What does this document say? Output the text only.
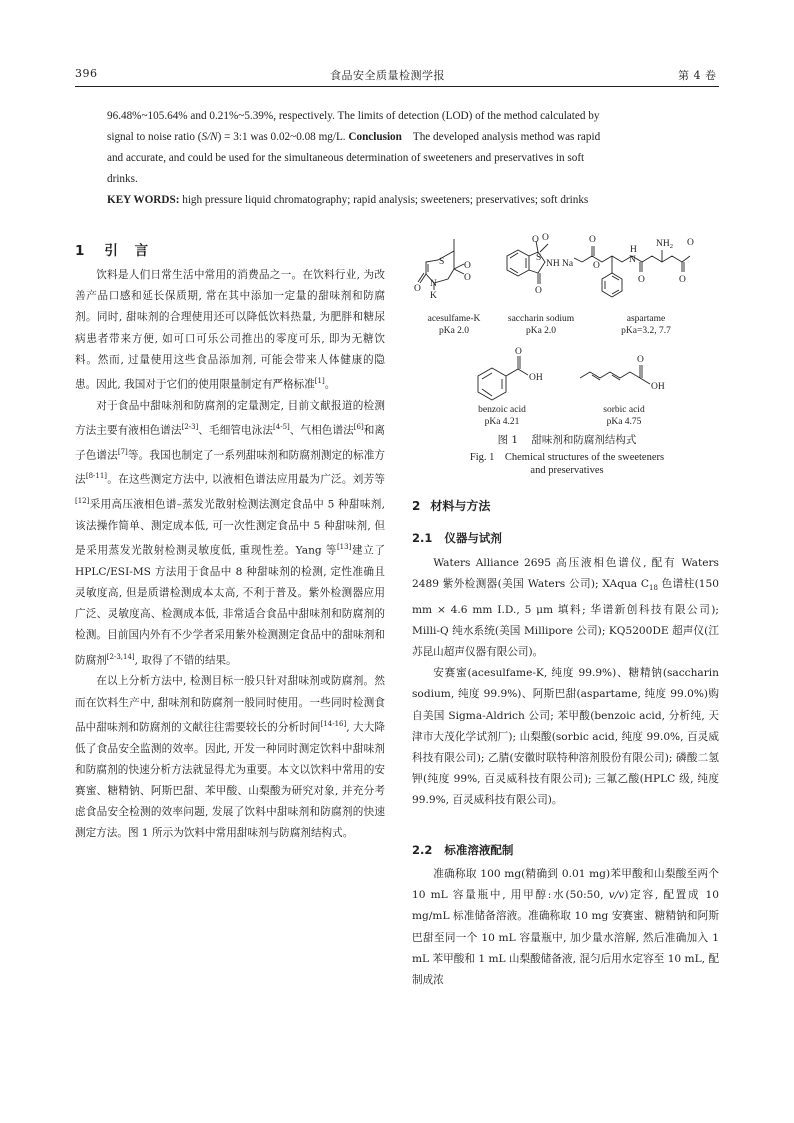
396	食品安全质量检测学报	第 4 卷

96.48%~105.64% and 0.21%~5.39%, respectively. The limits of detection (LOD) of the method calculated by

signal to noise ratio (S/N) = 3:1 was 0.02~0.08 mg/L. Conclusion    The developed analysis method was rapid

and accurate, and could be used for the simultaneous determination of sweeteners and preservatives in soft

drinks.

KEY WORDS: high pressure liquid chromatography; rapid analysis; sweeteners; preservatives; soft drinks

1 引 言

饮料是人们日常生活中常用的消费品之一。在饮料行业, 为改善产品口感和延长保质期, 常在其中添加一定量的甜味剂和防腐剂。同时, 甜味剂的合理使用还可以降低饮料热量, 为肥胖和糖尿病患者带来方便, 如可口可乐公司推出的零度可乐, 即为无糖饮料。然而, 过量使用这些食品添加剂, 可能会带来人体健康的隐患。因此, 我国对于它们的使用限量制定有严格标准[1]。

对于食品中甜味剂和防腐剂的定量测定, 目前文献报道的检测方法主要有液相色谱法[2-3]、毛细管电泳法[4-5]、气相色谱法[6]和离子色谱法[7]等。我国也制定了一系列甜味剂和防腐剂测定的标准方法[8-11]。在这些测定方法中, 以液相色谱法应用最为广泛。刘芳等[12]采用高压液相色谱–蒸发光散射检测法测定食品中 5 种甜味剂, 该法操作简单、测定成本低, 可一次性测定食品中 5 种甜味剂, 但是采用蒸发光散射检测灵敏度低, 重现性差。Yang 等[13]建立了 HPLC/ESI-MS 方法用于食品中 8 种甜味剂的检测, 定性准确且灵敏度高, 但是质谱检测成本太高, 不利于普及。紫外检测器应用广泛、灵敏度高、检测成本低, 非常适合食品中甜味剂和防腐剂的检测。目前国内外有不少学者采用紫外检测测定食品中的甜味剂和防腐剂[2-3,14], 取得了不错的结果。

在以上分析方法中, 检测目标一般只针对甜味剂或防腐剂。然而在饮料生产中, 甜味剂和防腐剂一般同时使用。一些同时检测食品中甜味剂和防腐剂的文献往往需要较长的分析时间[14-16], 大大降低了食品安全监测的效率。因此, 开发一种同时测定饮料中甜味剂和防腐剂的快速分析方法就显得尤为重要。本文以饮料中常用的安赛蜜、糖精钠、阿斯巴甜、苯甲酸、山梨酸为研究对象, 并充分考虑食品安全检测的效率问题, 发展了饮料中甜味剂和防腐剂的快速测定方法。图 1 所示为饮料中常用甜味剂与防腐剂结构式。

O
S O
O
N
K
O
O
S
NH Na
O
O
O
H
N
O
$NH_2$ O
O
O
OH
O
OH
acesulfame-K
pKa 2.0
saccharin sodium
pKa 2.0
aspartame
pKa=3.2, 7.7
benzoic acid
pKa 4.21
sorbic acid
pKa 4.75
图 1    甜味剂和防腐剂结构式
Fig. 1    Chemical structures of the sweeteners
and preservatives
2 材料与方法
2.1 仪器与试剂

Waters Alliance 2695 高压液相色谱仪, 配有 Waters 2489 紫外检测器(美国 Waters 公司); XAqua $C_{18}$ 色谱柱(150 mm × 4.6 mm I.D., 5 μm 填料; 华谱新创科技有限公司); Milli-Q 纯水系统(美国 Millipore 公司); KQ5200DE 超声仪(江苏昆山超声仪器有限公司)。

安赛蜜(acesulfame-K, 纯度 99.9%)、糖精钠(saccharin sodium, 纯度 99.9%)、阿斯巴甜(aspartame, 纯度 99.0%)购自美国 Sigma-Aldrich 公司; 苯甲酸(benzoic acid, 分析纯, 天津市大茂化学试剂厂); 山梨酸(sorbic acid, 纯度 99.0%, 百灵威科技有限公司); 乙腈(安徽时联特种溶剂股份有限公司); 磷酸二氢钾(纯度 99%, 百灵威科技有限公司); 三氟乙酸(HPLC 级, 纯度 99.9%, 百灵威科技有限公司)。

2.2 标准溶液配制

准确称取 100 mg(精确到 0.01 mg)苯甲酸和山梨酸至两个 10 mL 容量瓶中, 用甲醇:水(50:50, v/v)定容, 配置成 10 mg/mL 标准储备溶液。准确称取 10 mg 安赛蜜、糖精钠和阿斯巴甜至同一个 10 mL 容量瓶中, 加少量水溶解, 然后准确加入 1 mL 苯甲酸和 1 mL 山梨酸储备液, 混匀后用水定容至 10 mL, 配制成浓
